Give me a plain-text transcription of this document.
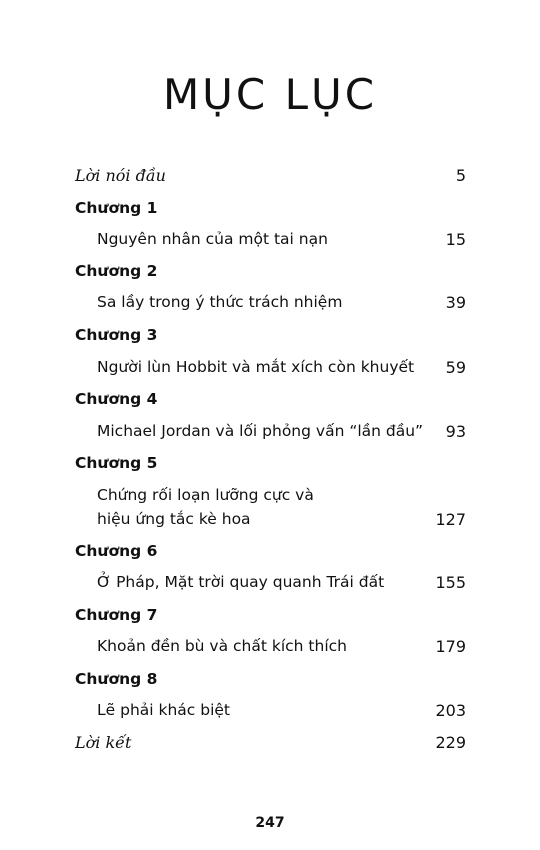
MỤC LỤC
Lời nói đầu	5
Chương 1
Nguyên nhân của một tai nạn	15
Chương 2
Sa lầy trong ý thức trách nhiệm	39
Chương 3
Người lùn Hobbit và mắt xích còn khuyết 59
Chương 4
Michael Jordan và lối phỏng vấn “lần đầu” 93
Chương 5
Chứng rối loạn lưỡng cực và
hiệu ứng tắc kè hoa	127
Chương 6
Ở Pháp, Mặt trời quay quanh Trái đất	155
Chương 7
Khoản đền bù và chất kích thích	179
Chương 8
Lẽ phải khác biệt	203
Lời kết	229
247
